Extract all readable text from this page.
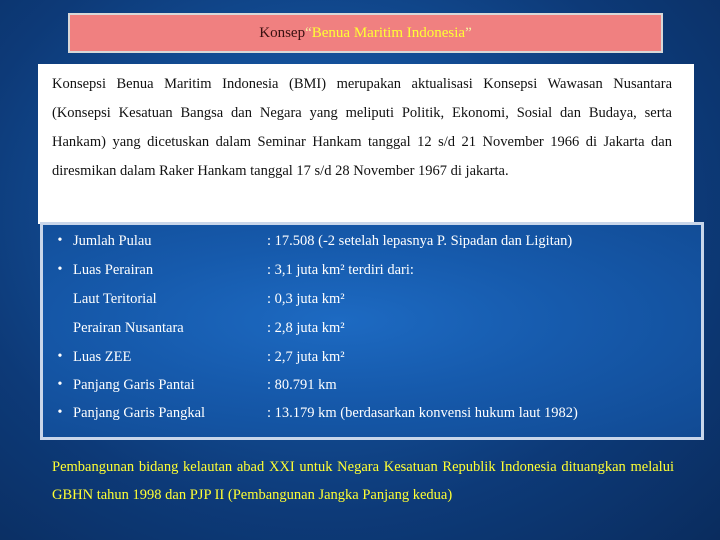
Konsep “ Benua Maritim Indonesia ”

Konsepsi Benua Maritim Indonesia (BMI) merupakan aktualisasi Konsepsi Wawasan Nusantara (Konsepsi Kesatuan Bangsa dan Negara yang meliputi Politik, Ekonomi, Sosial dan Budaya, serta Hankam) yang dicetuskan dalam Seminar Hankam tanggal 12 s/d 21 November 1966 di Jakarta dan diresmikan dalam Raker Hankam tanggal 17 s/d 28 November 1967 di jakarta.

• Jumlah Pulau	: 17.508 (-2 setelah lepasnya P. Sipadan dan Ligitan)
• Luas Perairan	: 3,1 juta km² terdiri dari:
Laut Teritorial	: 0,3 juta km²
Perairan Nusantara	: 2,8 juta km²
• Luas ZEE	: 2,7 juta km²
• Panjang Garis Pantai	: 80.791 km
• Panjang Garis Pangkal	: 13.179 km (berdasarkan konvensi hukum laut 1982)

Pembangunan bidang kelautan abad XXI untuk Negara Kesatuan Republik Indonesia dituangkan melalui GBHN tahun 1998 dan PJP II (Pembangunan Jangka Panjang kedua)
